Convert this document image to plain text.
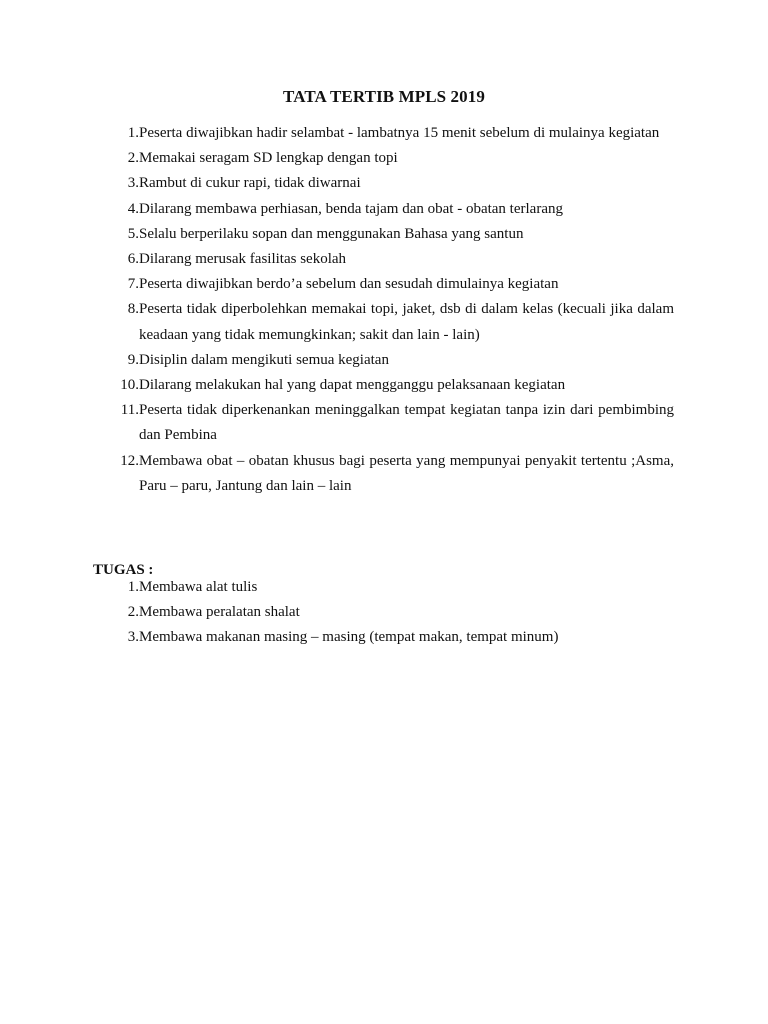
TATA TERTIB MPLS 2019
1. Peserta diwajibkan hadir selambat - lambatnya 15 menit sebelum di mulainya kegiatan
2. Memakai seragam SD lengkap dengan topi
3. Rambut di cukur rapi, tidak diwarnai
4. Dilarang membawa perhiasan, benda tajam dan obat - obatan terlarang
5. Selalu berperilaku sopan dan menggunakan Bahasa yang santun
6. Dilarang merusak fasilitas sekolah
7. Peserta diwajibkan berdo’a sebelum dan sesudah dimulainya kegiatan
8. Peserta tidak diperbolehkan memakai topi, jaket, dsb di dalam kelas (kecuali jika dalam keadaan yang tidak memungkinkan; sakit dan lain - lain)
9. Disiplin dalam mengikuti semua kegiatan
10. Dilarang melakukan hal yang dapat mengganggu pelaksanaan kegiatan
11. Peserta tidak diperkenankan meninggalkan tempat kegiatan tanpa izin dari pembimbing dan Pembina
12. Membawa obat – obatan khusus bagi peserta yang mempunyai penyakit tertentu ;Asma, Paru – paru, Jantung dan lain – lain
TUGAS :
1. Membawa alat tulis
2. Membawa peralatan shalat
3. Membawa makanan masing – masing (tempat makan, tempat minum)
